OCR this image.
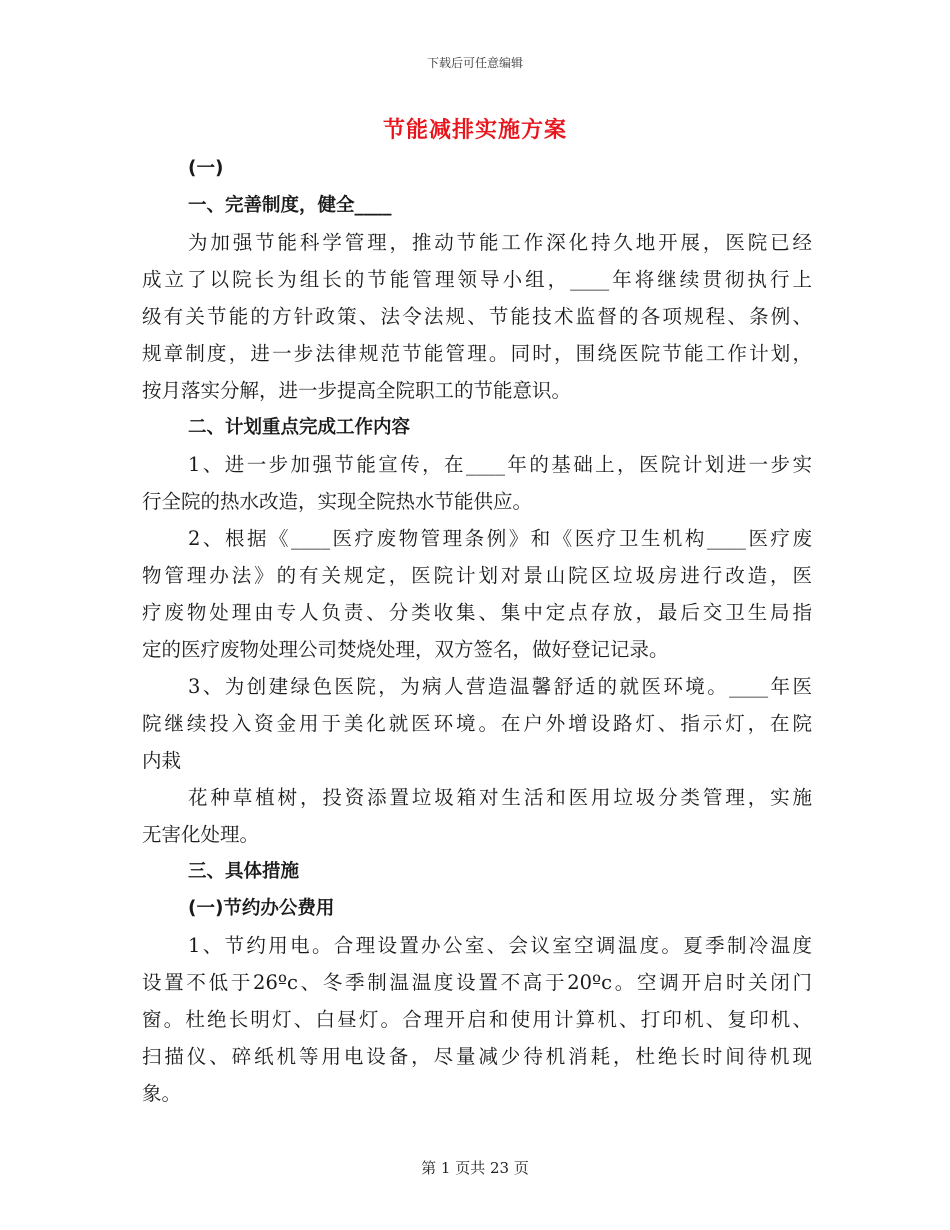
下载后可任意编辑
节能减排实施方案

(一)

一、完善制度，健全____

为加强节能科学管理，推动节能工作深化持久地开展，医院已经

成立了以院长为组长的节能管理领导小组，____年将继续贯彻执行上

级有关节能的方针政策、法令法规、节能技术监督的各项规程、条例、

规章制度，进一步法律规范节能管理。同时，围绕医院节能工作计划，

按月落实分解，进一步提高全院职工的节能意识。

二、计划重点完成工作内容

1、进一步加强节能宣传，在____年的基础上，医院计划进一步实

行全院的热水改造，实现全院热水节能供应。

2、根据《____医疗废物管理条例》和《医疗卫生机构____医疗废

物管理办法》的有关规定，医院计划对景山院区垃圾房进行改造，医

疗废物处理由专人负责、分类收集、集中定点存放，最后交卫生局指

定的医疗废物处理公司焚烧处理，双方签名，做好登记记录。

3、为创建绿色医院，为病人营造温馨舒适的就医环境。____年医

院继续投入资金用于美化就医环境。在户外增设路灯、指示灯，在院

内栽

花种草植树，投资添置垃圾箱对生活和医用垃圾分类管理，实施

无害化处理。

三、具体措施

(一)节约办公费用

1、节约用电。合理设置办公室、会议室空调温度。夏季制冷温度

设置不低于26ºc、冬季制温温度设置不高于20ºc。空调开启时关闭门

窗。杜绝长明灯、白昼灯。合理开启和使用计算机、打印机、复印机、

扫描仪、碎纸机等用电设备，尽量减少待机消耗，杜绝长时间待机现

象。

第 1 页共 23 页
